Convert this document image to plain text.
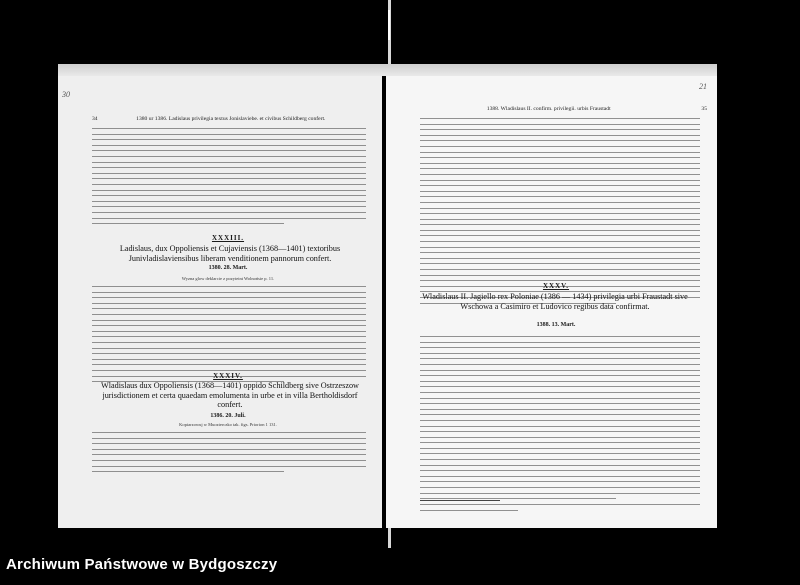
30
34	1380 ur 1386. Ladislaus privilegia textus Jonislaviebe. et civibus Schildberg confert.
XXXIII.
Ladislaus, dux Oppoliensis et Cujaviensis (1368—1401) textoribus Junivladislaviensibus liberam venditionem pannorum confert.
1380. 28. Mart.
Wyzna glow deklarcie z pozyteint Wolnońsie p. 11.
XXXIV.
Wladislaus dux Oppoliensis (1368—1401) oppido Schildberg sive Ostrzeszow jurisdictionem et certa quaedam emolumenta in urbe et in villa Bertholdisdorf confert.
1386. 20. Juli.
Kopiarzowuj w Muozterczko tak. figs. Priorion 1 131.
21
1388. Wladislaus II. confirm. privilegii. urbis Fraustadt	35
XXXV.
Wladislaus II. Jagiello rex Poloniae (1386 — 1434) privilegia urbi Fraustadt sive Wschowa a Casimiro et Ludovico regibus data confirmat.
1388. 13. Mart.
Archiwum Państwowe w Bydgoszczy
